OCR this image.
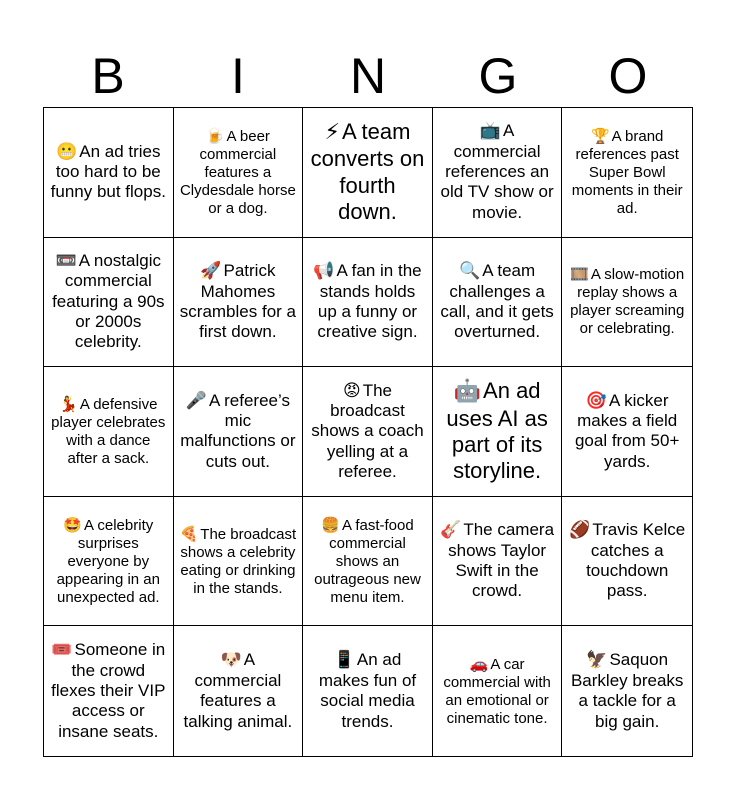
B	I	N	G	O
😬 An ad tries too hard to be funny but flops.
🍺 A beer commercial features a Clydesdale horse or a dog.
⚡A team converts on fourth down.
📺 A commercial references an old TV show or movie.
🏆 A brand references past Super Bowl moments in their ad.
📼 A nostalgic commercial featuring a 90s or 2000s celebrity.
🚀 Patrick Mahomes scrambles for a first down.
📢 A fan in the stands holds up a funny or creative sign.
🔍 A team challenges a call, and it gets overturned.
🎞️ A slow-motion replay shows a player screaming or celebrating.
💃 A defensive player celebrates with a dance after a sack.
🎤 A referee’s mic malfunctions or cuts out.
😡 The broadcast shows a coach yelling at a referee.
🤖An ad uses AI as part of its storyline.
🎯 A kicker makes a field goal from 50+ yards.
🤩 A celebrity surprises everyone by appearing in an unexpected ad.
🍕 The broadcast shows a celebrity eating or drinking in the stands.
🍔 A fast-food commercial shows an outrageous new menu item.
🎸 The camera shows Taylor Swift in the crowd.
🏈 Travis Kelce catches a touchdown pass.
🎟️ Someone in the crowd flexes their VIP access or insane seats.
🐶 A commercial features a talking animal.
📱 An ad makes fun of social media trends.
🚗 A car commercial with an emotional or cinematic tone.
🦅 Saquon Barkley breaks a tackle for a big gain.
